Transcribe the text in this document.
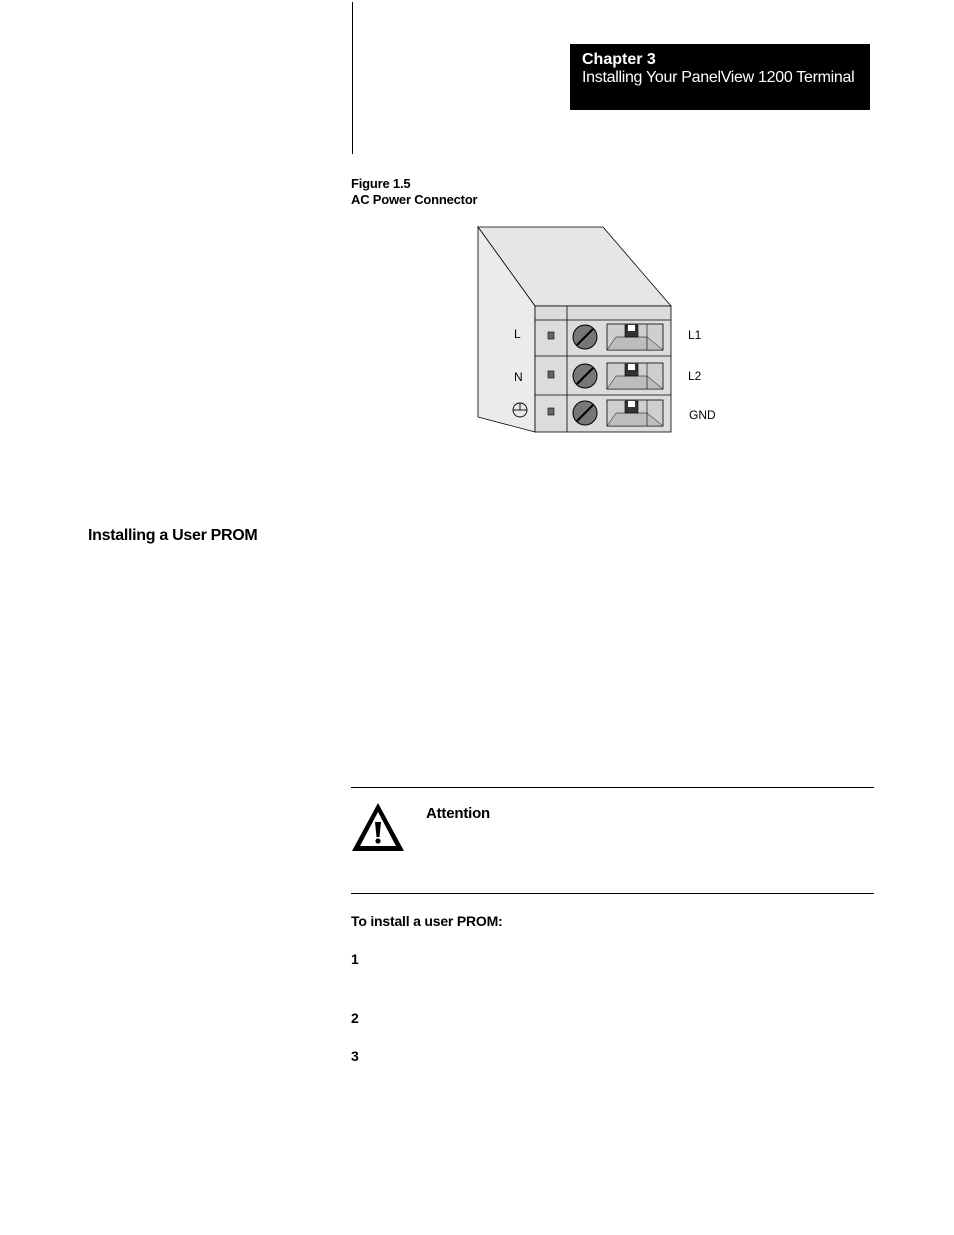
Chapter 3
Installing Your PanelView 1200 Terminal
Figure 1.5
AC Power Connector
L
N
L1
L2
GND
Installing a User PROM
Attention
To install a user PROM:
1
2
3
